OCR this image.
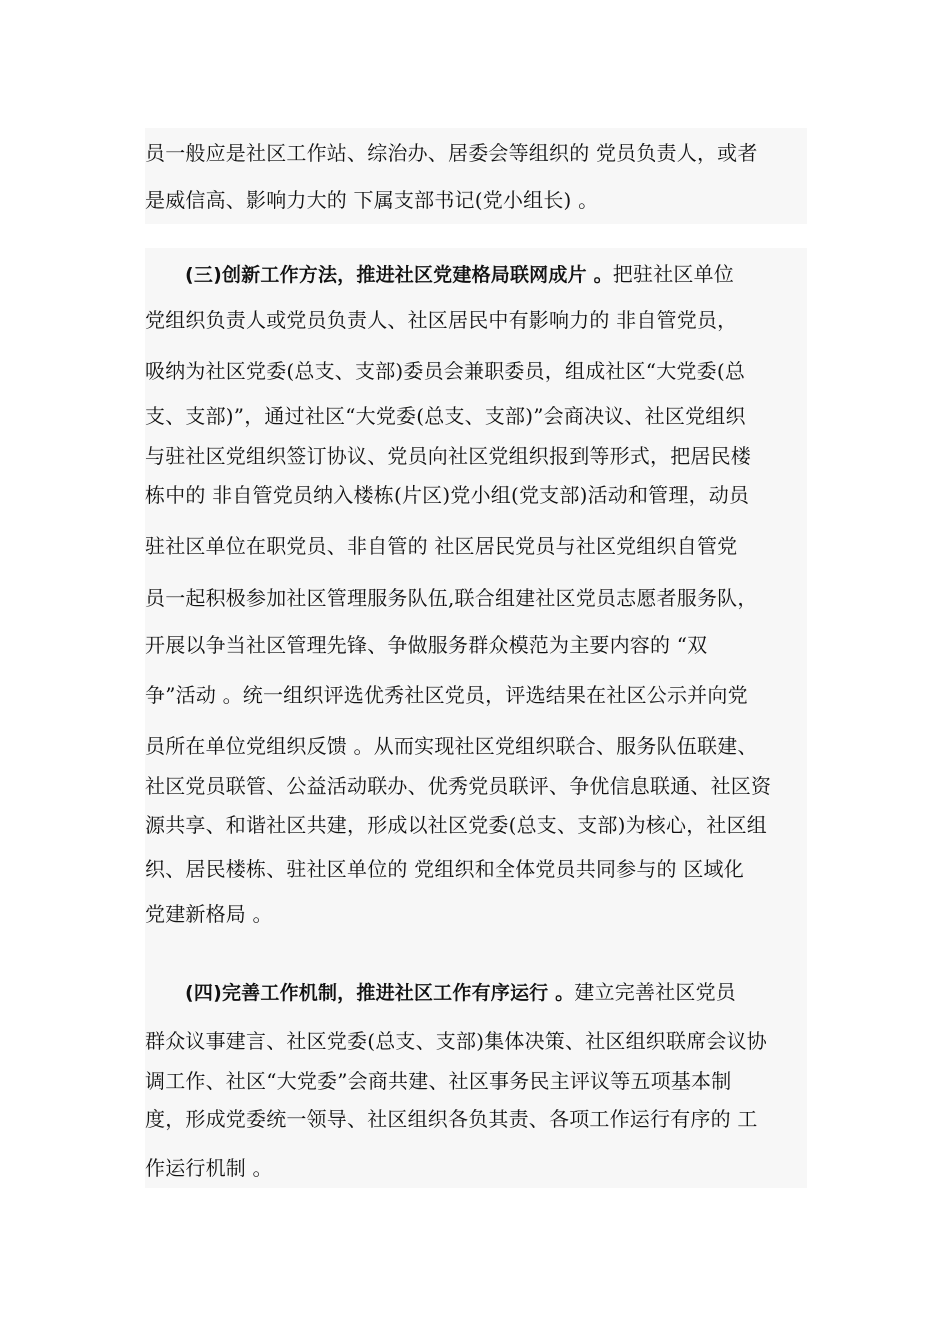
员一般应是社区工作站、综治办、居委会等组织的 党员负责人，或者
是威信高、影响力大的 下属支部书记(党小组长) 。
(三)创新工作方法，推进社区党建格局联网成片 。把驻社区单位
党组织负责人或党员负责人、社区居民中有影响力的 非自管党员，
吸纳为社区党委(总支、支部)委员会兼职委员，组成社区“大党委(总
支、支部)”，通过社区“大党委(总支、支部)”会商决议、社区党组织
与驻社区党组织签订协议、党员向社区党组织报到等形式，把居民楼
栋中的 非自管党员纳入楼栋(片区)党小组(党支部)活动和管理，动员
驻社区单位在职党员、非自管的 社区居民党员与社区党组织自管党
员一起积极参加社区管理服务队伍,联合组建社区党员志愿者服务队，
开展以争当社区管理先锋、争做服务群众模范为主要内容的 “双
争”活动 。统一组织评选优秀社区党员，评选结果在社区公示并向党
员所在单位党组织反馈 。从而实现社区党组织联合、服务队伍联建、
社区党员联管、公益活动联办、优秀党员联评、争优信息联通、社区资
源共享、和谐社区共建，形成以社区党委(总支、支部)为核心，社区组
织、居民楼栋、驻社区单位的 党组织和全体党员共同参与的 区域化
党建新格局 。
(四)完善工作机制，推进社区工作有序运行 。建立完善社区党员
群众议事建言、社区党委(总支、支部)集体决策、社区组织联席会议协
调工作、社区“大党委”会商共建、社区事务民主评议等五项基本制
度，形成党委统一领导、社区组织各负其责、各项工作运行有序的 工
作运行机制 。
